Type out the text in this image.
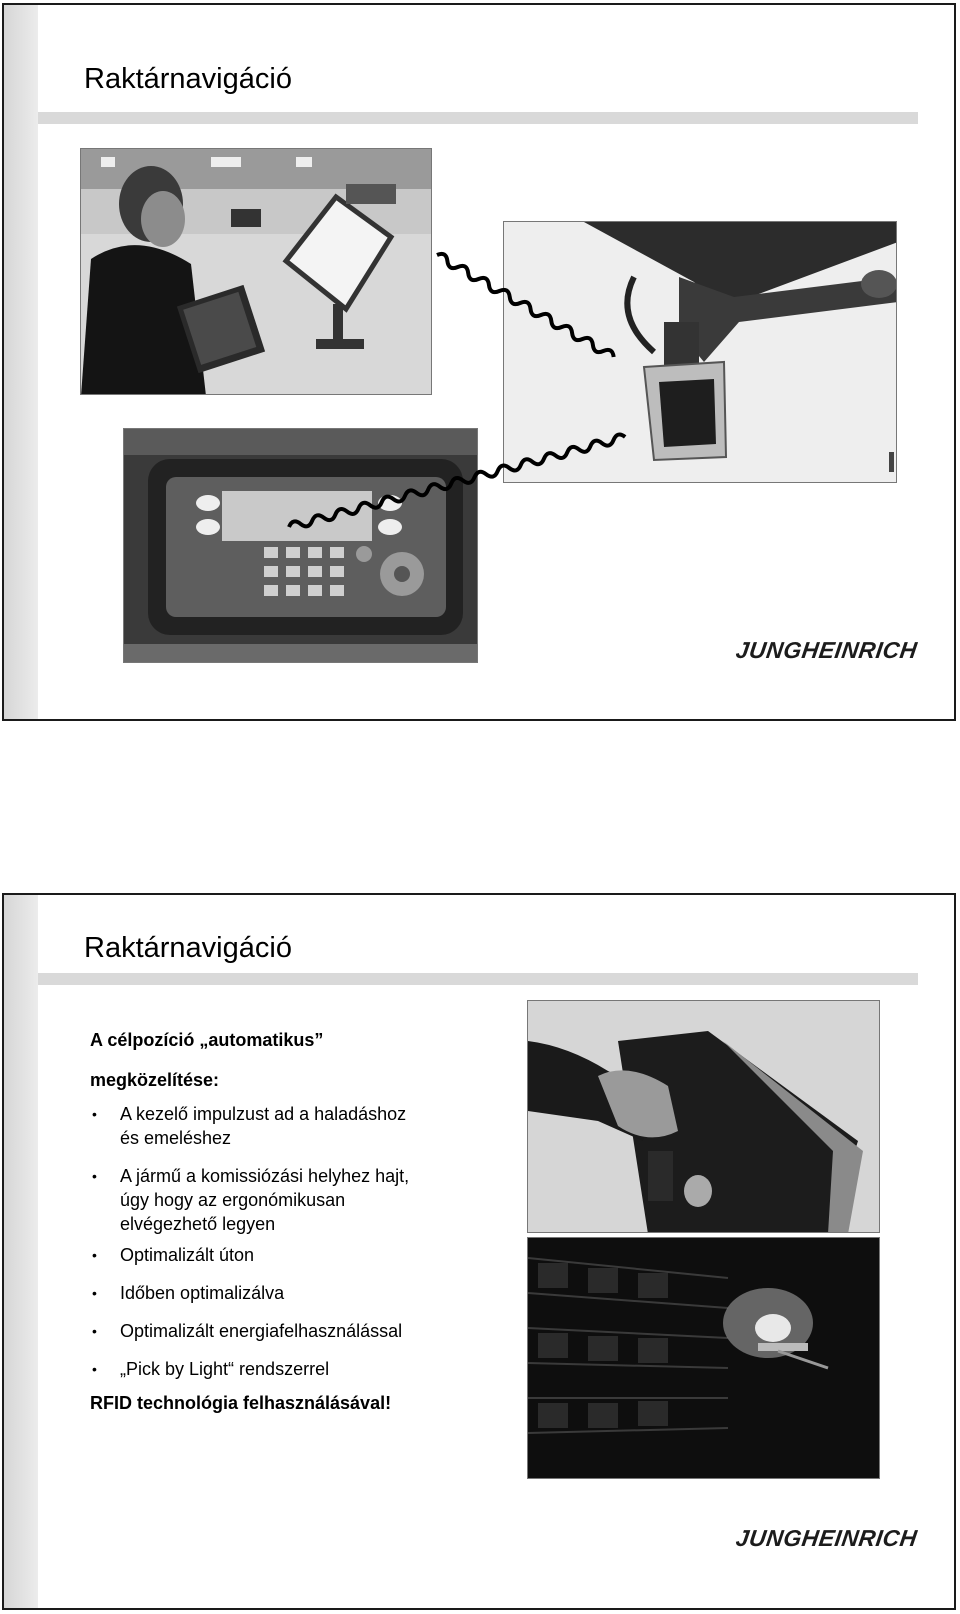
Raktárnavigáció
JUNGHEINRICH
Raktárnavigáció

A célpozíció „automatikus”

megközelítése:

• A kezelő impulzust ad a haladáshoz
és emeléshez
• A jármű a komissiózási helyhez hajt,
úgy hogy az ergonómikusan
elvégezhető legyen
• Optimalizált úton
• Időben optimalizálva
• Optimalizált energiafelhasználással
• „Pick by Light“ rendszerrel
RFID technológia felhasználásával!
JUNGHEINRICH
